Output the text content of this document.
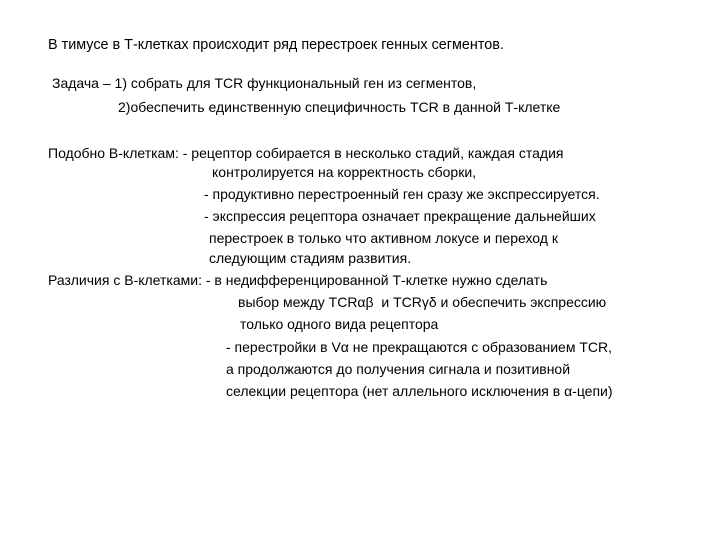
В тимусе в Т-клетках происходит ряд перестроек генных сегментов.
Задача – 1) собрать для TCR функциональный ген из сегментов,
2)обеспечить единственную специфичность TCR в данной Т-клетке
Подобно В-клеткам: - рецептор собирается в несколько стадий, каждая стадия
контролируется на корректность сборки,
- продуктивно перестроенный ген сразу же экспрессируется.
- экспрессия рецептора означает прекращение дальнейших
перестроек в только что активном локусе и переход к
следующим стадиям развития.
Различия с В-клетками: - в недифференцированной Т-клетке нужно сделать
выбор между TCRαβ  и TCRγδ и обеспечить экспрессию
только одного вида рецептора
- перестройки в Vα не прекращаются с образованием TCR,
а продолжаются до получения сигнала и позитивной
селекции рецептора (нет аллельного исключения в α-цепи)
